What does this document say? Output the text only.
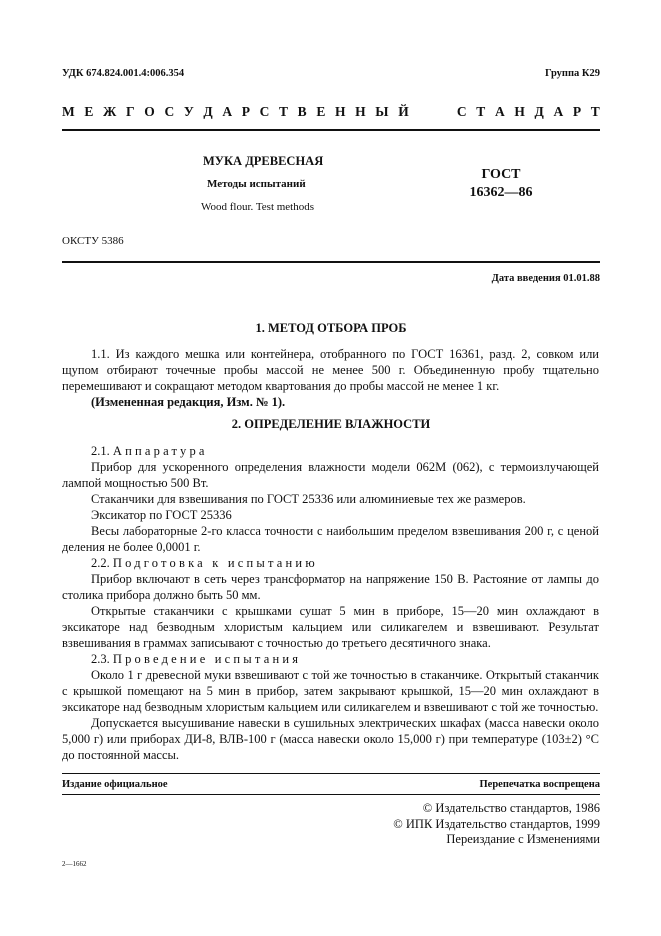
УДК 674.824.001.4:006.354	Группа К29
М Е Ж Г О С У Д А Р С Т В Е Н Н Ы Й	С Т А Н Д А Р Т
МУКА ДРЕВЕСНАЯ
Методы испытаний
Wood flour. Test methods
ГОСТ
16362—86
ОКСТУ 5386
Дата введения 01.01.88
1. МЕТОД ОТБОРА ПРОБ

1.1. Из каждого мешка или контейнера, отобранного по ГОСТ 16361, разд. 2, совком или щупом отбирают точечные пробы массой не менее 500 г. Объединенную пробу тщательно перемешивают и сокращают методом квартования до пробы массой не менее 1 кг.

(Измененная редакция, Изм. № 1).

2. ОПРЕДЕЛЕНИЕ ВЛАЖНОСТИ

2.1. Аппаратура

Прибор для ускоренного определения влажности модели 062М (062), с термоизлучающей лампой мощностью 500 Вт.

Стаканчики для взвешивания по ГОСТ 25336 или алюминиевые тех же размеров.

Эксикатор по ГОСТ 25336

Весы лабораторные 2-го класса точности с наибольшим пределом взвешивания 200 г, с ценой деления не более 0,0001 г.

2.2. Подготовка к испытанию

Прибор включают в сеть через трансформатор на напряжение 150 В. Растояние от лампы до столика прибора должно быть 50 мм.

Открытые стаканчики с крышками сушат 5 мин в приборе, 15—20 мин охлаждают в эксикаторе над безводным хлористым кальцием или силикагелем и взвешивают. Результат взвешивания в граммах записывают с точностью до третьего десятичного знака.

2.3. Проведение испытания

Около 1 г древесной муки взвешивают с той же точностью в стаканчике. Открытый стаканчик с крышкой помещают на 5 мин в прибор, затем закрывают крышкой, 15—20 мин охлаждают в эксикаторе над безводным хлористым кальцием или силикагелем и взвешивают с той же точностью.

Допускается высушивание навески в сушильных электрических шкафах (масса навески около 5,000 г) или приборах ДИ-8, ВЛВ-100 г (масса навески около 15,000 г) при температуре (103±2) °С до постоянной массы.

Издание официальное	Перепечатка воспрещена
© Издательство стандартов, 1986
© ИПК Издательство стандартов, 1999
Переиздание с Изменениями
2—1662
